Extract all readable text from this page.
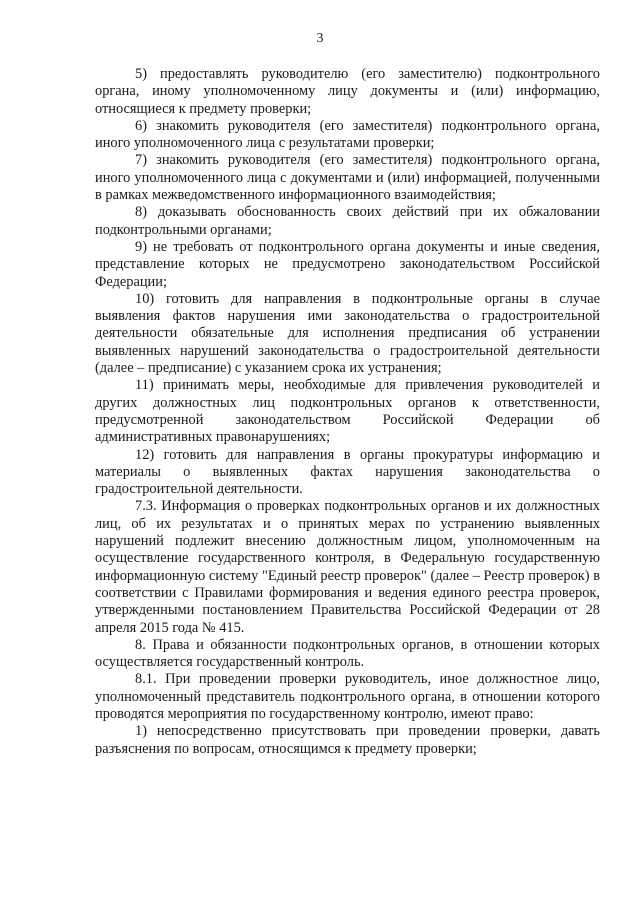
3

5) предоставлять руководителю (его заместителю) подконтрольного органа, иному уполномоченному лицу документы и (или) информацию, относящиеся к предмету проверки;

6) знакомить руководителя (его заместителя) подконтрольного органа, иного уполномоченного лица с результатами проверки;

7) знакомить руководителя (его заместителя) подконтрольного органа, иного уполномоченного лица с документами и (или) информацией, полученными в рамках межведомственного информационного взаимодействия;

8) доказывать обоснованность своих действий при их обжаловании подконтрольными органами;

9) не требовать от подконтрольного органа документы и иные сведения, представление которых не предусмотрено законодательством Российской Федерации;

10) готовить для направления в подконтрольные органы в случае выявления фактов нарушения ими законодательства о градостроительной деятельности обязательные для исполнения предписания об устранении выявленных нарушений законодательства о градостроительной деятельности (далее – предписание) с указанием срока их устранения;

11) принимать меры, необходимые для привлечения руководителей и других должностных лиц подконтрольных органов к ответственности, предусмотренной законодательством Российской Федерации об административных правонарушениях;

12) готовить для направления в органы прокуратуры информацию и материалы о выявленных фактах нарушения законодательства о градостроительной деятельности.

7.3. Информация о проверках подконтрольных органов и их должностных лиц, об их результатах и о принятых мерах по устранению выявленных нарушений подлежит внесению должностным лицом, уполномоченным на осуществление государственного контроля, в Федеральную государственную информационную систему "Единый реестр проверок" (далее – Реестр проверок) в соответствии с Правилами формирования и ведения единого реестра проверок, утвержденными постановлением Правительства Российской Федерации от 28 апреля 2015 года № 415.

8. Права и обязанности подконтрольных органов, в отношении которых осуществляется государственный контроль.

8.1. При проведении проверки руководитель, иное должностное лицо, уполномоченный представитель подконтрольного органа, в отношении которого проводятся мероприятия по государственному контролю, имеют право:

1) непосредственно присутствовать при проведении проверки, давать разъяснения по вопросам, относящимся к предмету проверки;
